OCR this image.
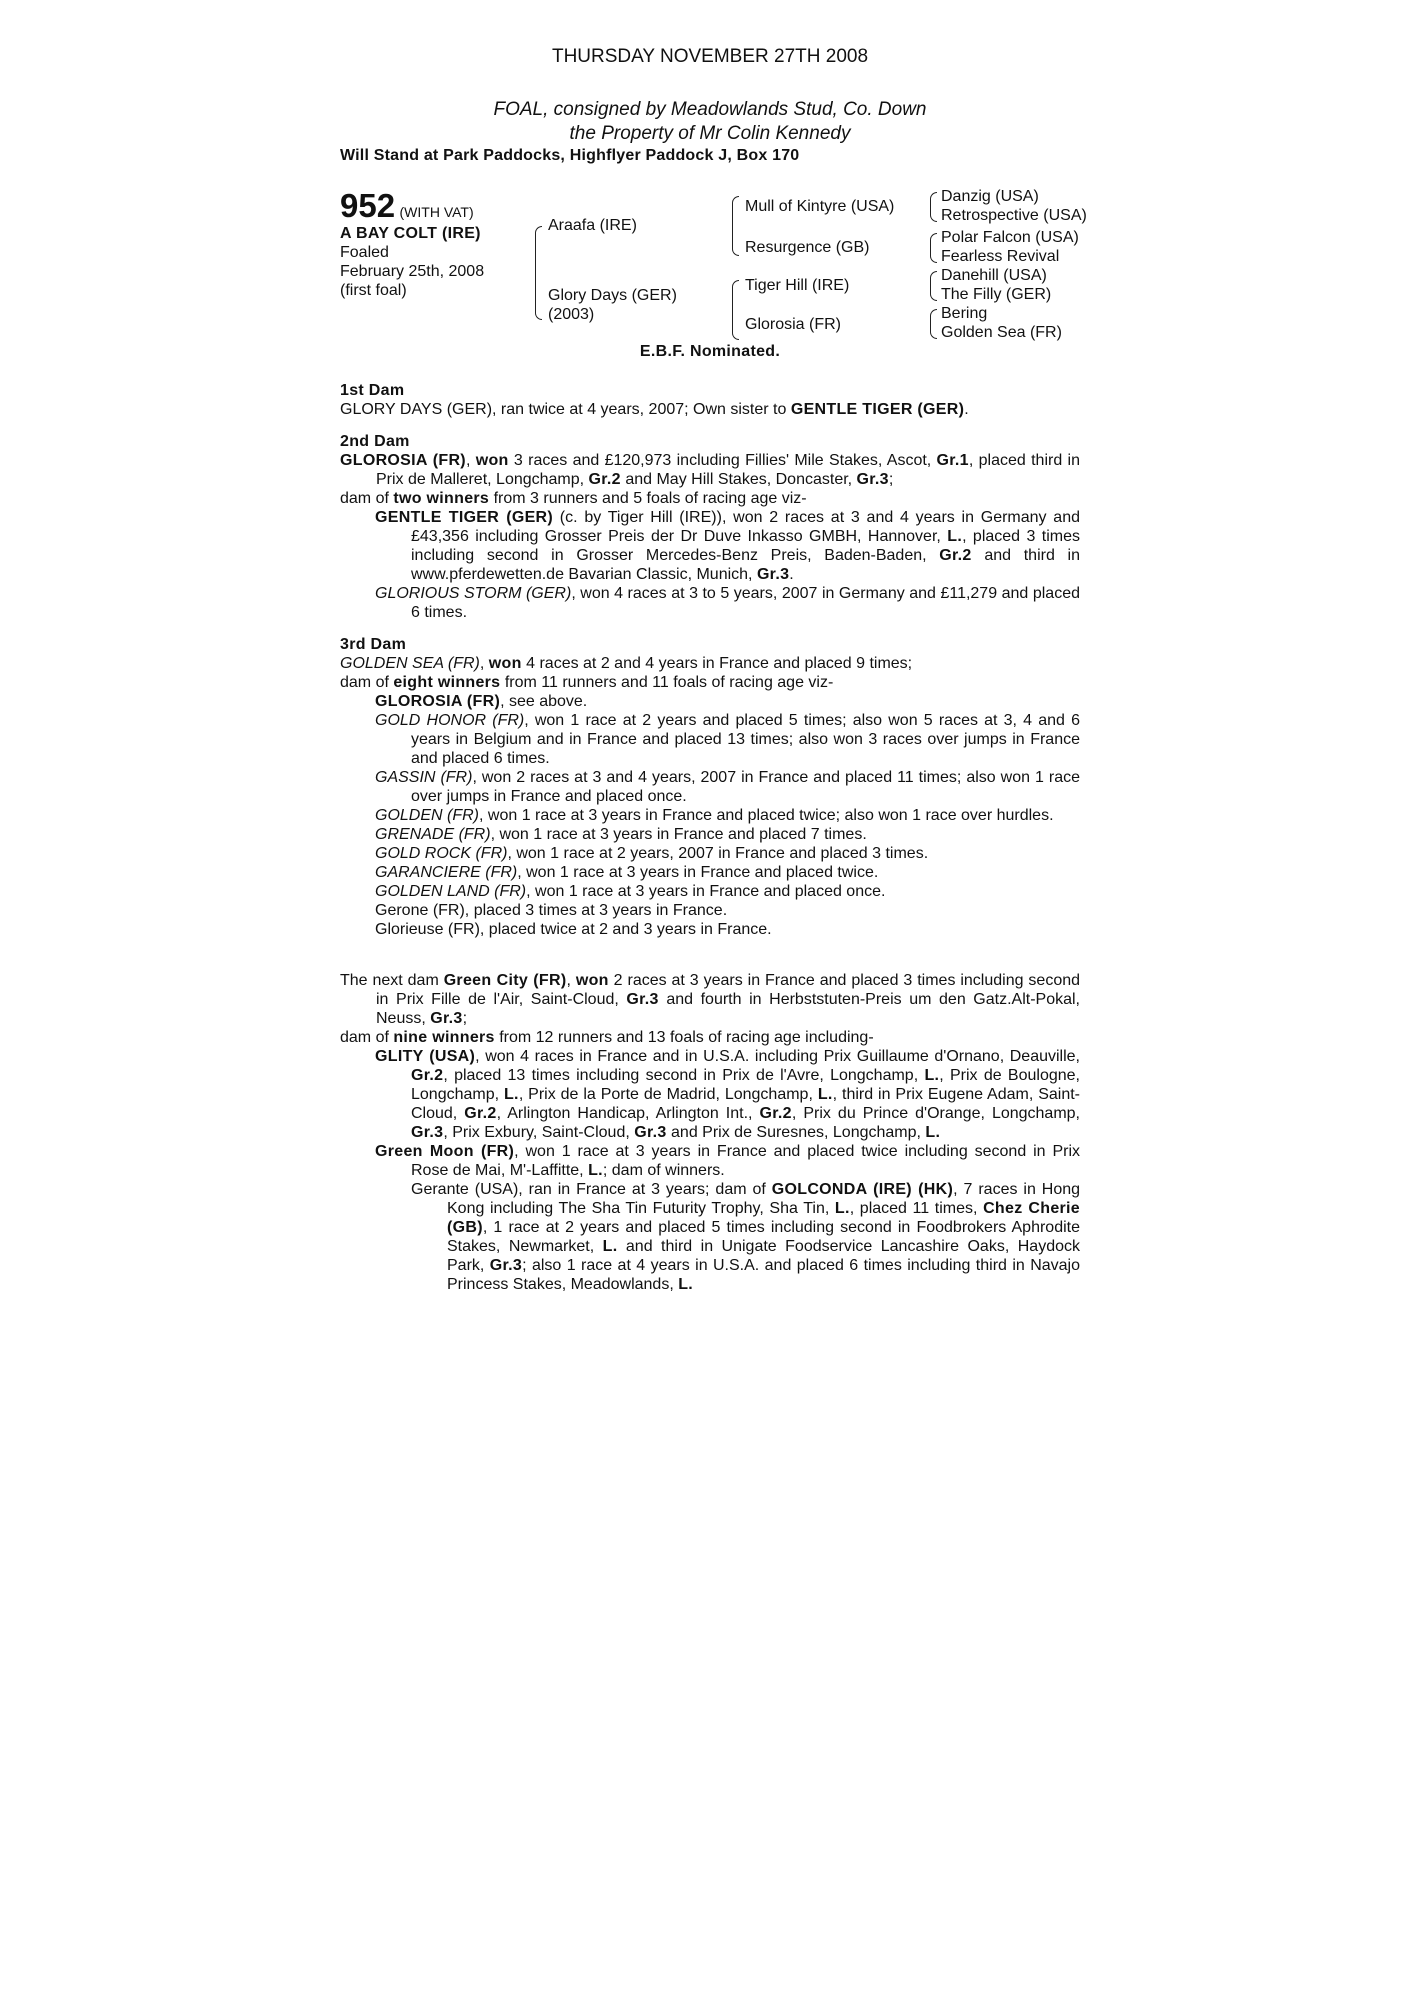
THURSDAY NOVEMBER 27TH 2008
FOAL, consigned by Meadowlands Stud, Co. Down
the Property of Mr Colin Kennedy
Will Stand at Park Paddocks, Highflyer Paddock J, Box 170
952 (WITH VAT)
A BAY COLT (IRE)
Foaled
February 25th, 2008
(first foal)
Araafa (IRE)
Glory Days (GER)
(2003)
Mull of Kintyre (USA)
Resurgence (GB)
Tiger Hill (IRE)
Glorosia (FR)
Danzig (USA)
Retrospective (USA)
Polar Falcon (USA)
Fearless Revival
Danehill (USA)
The Filly (GER)
Bering
Golden Sea (FR)
E.B.F. Nominated.
1st Dam
GLORY DAYS (GER), ran twice at 4 years, 2007; Own sister to GENTLE TIGER (GER).
2nd Dam
GLOROSIA (FR), won 3 races and £120,973 including Fillies' Mile Stakes, Ascot, Gr.1, placed third in Prix de Malleret, Longchamp, Gr.2 and May Hill Stakes, Doncaster, Gr.3;
dam of two winners from 3 runners and 5 foals of racing age viz-
GENTLE TIGER (GER) (c. by Tiger Hill (IRE)), won 2 races at 3 and 4 years in Germany and £43,356 including Grosser Preis der Dr Duve Inkasso GMBH, Hannover, L., placed 3 times including second in Grosser Mercedes-Benz Preis, Baden-Baden, Gr.2 and third in www.pferdewetten.de Bavarian Classic, Munich, Gr.3.
GLORIOUS STORM (GER), won 4 races at 3 to 5 years, 2007 in Germany and £11,279 and placed 6 times.
3rd Dam
GOLDEN SEA (FR), won 4 races at 2 and 4 years in France and placed 9 times;
dam of eight winners from 11 runners and 11 foals of racing age viz-
GLOROSIA (FR), see above.
GOLD HONOR (FR), won 1 race at 2 years and placed 5 times; also won 5 races at 3, 4 and 6 years in Belgium and in France and placed 13 times; also won 3 races over jumps in France and placed 6 times.
GASSIN (FR), won 2 races at 3 and 4 years, 2007 in France and placed 11 times; also won 1 race over jumps in France and placed once.
GOLDEN (FR), won 1 race at 3 years in France and placed twice; also won 1 race over hurdles.
GRENADE (FR), won 1 race at 3 years in France and placed 7 times.
GOLD ROCK (FR), won 1 race at 2 years, 2007 in France and placed 3 times.
GARANCIERE (FR), won 1 race at 3 years in France and placed twice.
GOLDEN LAND (FR), won 1 race at 3 years in France and placed once.
Gerone (FR), placed 3 times at 3 years in France.
Glorieuse (FR), placed twice at 2 and 3 years in France.
The next dam Green City (FR), won 2 races at 3 years in France and placed 3 times including second in Prix Fille de l'Air, Saint-Cloud, Gr.3 and fourth in Herbststuten-Preis um den Gatz.Alt-Pokal, Neuss, Gr.3;
dam of nine winners from 12 runners and 13 foals of racing age including-
GLITY (USA), won 4 races in France and in U.S.A. including Prix Guillaume d'Ornano, Deauville, Gr.2, placed 13 times including second in Prix de l'Avre, Longchamp, L., Prix de Boulogne, Longchamp, L., Prix de la Porte de Madrid, Longchamp, L., third in Prix Eugene Adam, Saint-Cloud, Gr.2, Arlington Handicap, Arlington Int., Gr.2, Prix du Prince d'Orange, Longchamp, Gr.3, Prix Exbury, Saint-Cloud, Gr.3 and Prix de Suresnes, Longchamp, L.
Green Moon (FR), won 1 race at 3 years in France and placed twice including second in Prix Rose de Mai, M'-Laffitte, L.; dam of winners.
Gerante (USA), ran in France at 3 years; dam of GOLCONDA (IRE) (HK), 7 races in Hong Kong including The Sha Tin Futurity Trophy, Sha Tin, L., placed 11 times, Chez Cherie (GB), 1 race at 2 years and placed 5 times including second in Foodbrokers Aphrodite Stakes, Newmarket, L. and third in Unigate Foodservice Lancashire Oaks, Haydock Park, Gr.3; also 1 race at 4 years in U.S.A. and placed 6 times including third in Navajo Princess Stakes, Meadowlands, L.
